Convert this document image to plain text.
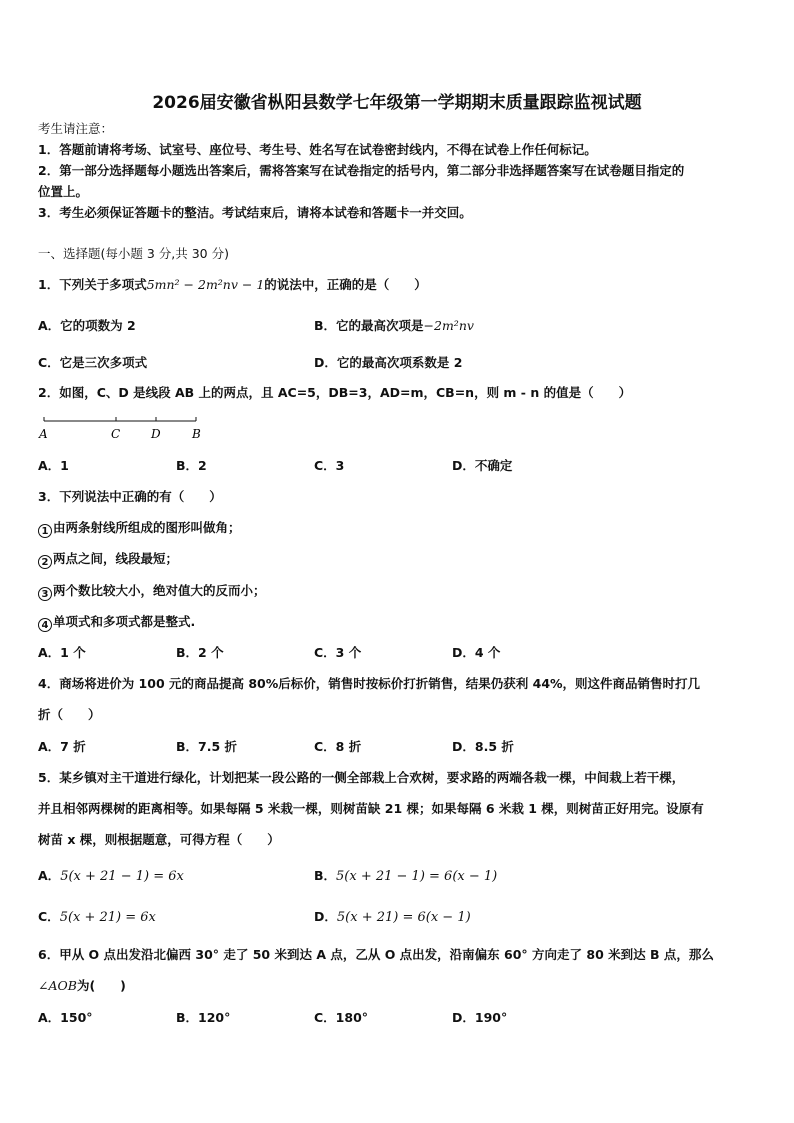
2026届安徽省枞阳县数学七年级第一学期期末质量跟踪监视试题
考生请注意：
1．答题前请将考场、试室号、座位号、考生号、姓名写在试卷密封线内，不得在试卷上作任何标记。
2．第一部分选择题每小题选出答案后，需将答案写在试卷指定的括号内，第二部分非选择题答案写在试卷题目指定的
位置上。
3．考生必须保证答题卡的整洁。考试结束后，请将本试卷和答题卡一并交回。
一、选择题(每小题 3 分,共 30 分)
1．下列关于多项式5mn² − 2m²nv − 1的说法中，正确的是（　　）
A．它的项数为 2	B．它的最高次项是−2m²nv
C．它是三次多项式	D．它的最高次项系数是 2
2．如图，C、D 是线段 AB 上的两点，且 AC=5，DB=3，AD=m，CB=n，则 m - n 的值是（　　）
A	C	D	B
A．1	B．2	C．3	D．不确定
3．下列说法中正确的有（　　）
1 由两条射线所组成的图形叫做角；
2 两点之间，线段最短；
3 两个数比较大小，绝对值大的反而小；
4 单项式和多项式都是整式.
A．1 个	B．2 个	C．3 个	D．4 个
4．商场将进价为 100 元的商品提高 80%后标价，销售时按标价打折销售，结果仍获利 44%，则这件商品销售时打几
折（　　）
A．7 折	B．7.5 折	C．8 折	D．8.5 折
5．某乡镇对主干道进行绿化，计划把某一段公路的一侧全部栽上合欢树，要求路的两端各栽一棵，中间栽上若干棵，
并且相邻两棵树的距离相等。如果每隔 5 米栽一棵，则树苗缺 21 棵；如果每隔 6 米栽 1 棵，则树苗正好用完。设原有
树苗 x 棵，则根据题意，可得方程（　　）
A．5(x + 21 − 1) = 6x	B．5(x + 21 − 1) = 6(x − 1)
C．5(x + 21) = 6x	D．5(x + 21) = 6(x − 1)
6．甲从 O 点出发沿北偏西 30° 走了 50 米到达 A 点，乙从 O 点出发，沿南偏东 60° 方向走了 80 米到达 B 点，那么
∠AOB为(　　)
A．150°	B．120°	C．180°	D．190°
